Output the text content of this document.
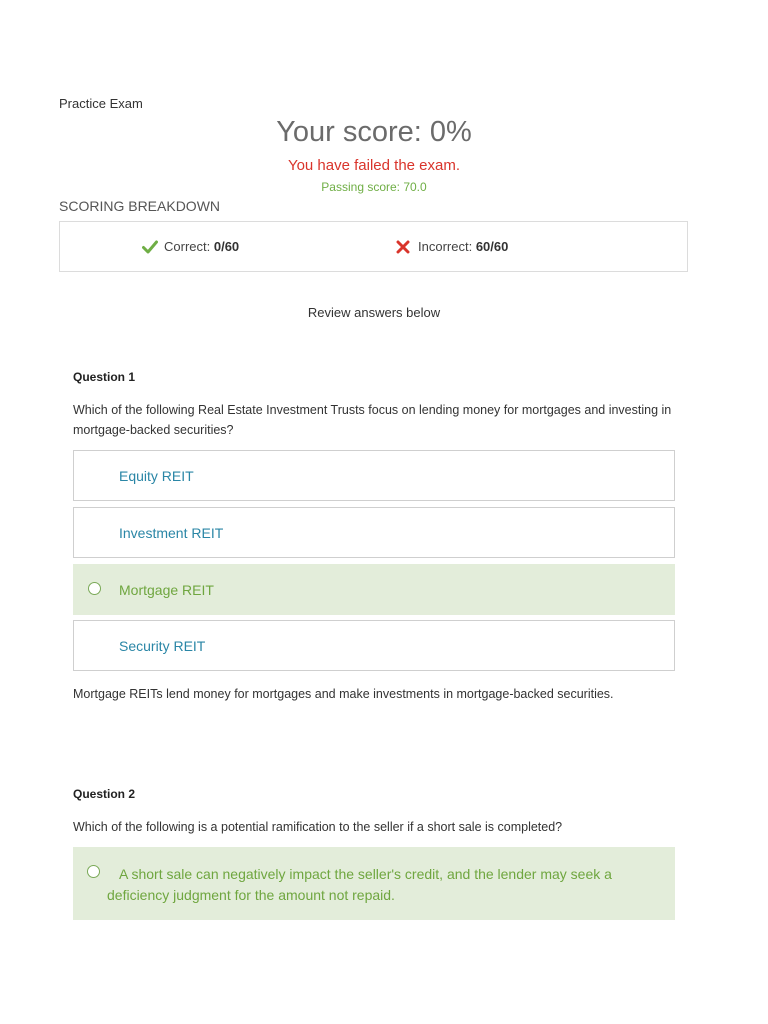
Practice Exam
Your score: 0%
You have failed the exam.
Passing score: 70.0
SCORING BREAKDOWN
Correct:
0/60	Incorrect:
60/60
Review answers below
Question 1
Which of the following Real Estate Investment Trusts focus on lending money for mortgages and investing in mortgage-backed securities?
Equity REIT
Investment REIT
Mortgage REIT
Security REIT
Mortgage REITs lend money for mortgages and make investments in mortgage-backed securities.
Question 2
Which of the following is a potential ramification to the seller if a short sale is completed?
A short sale can negatively impact the seller's credit, and the lender may seek a deficiency judgment for the amount not repaid.
